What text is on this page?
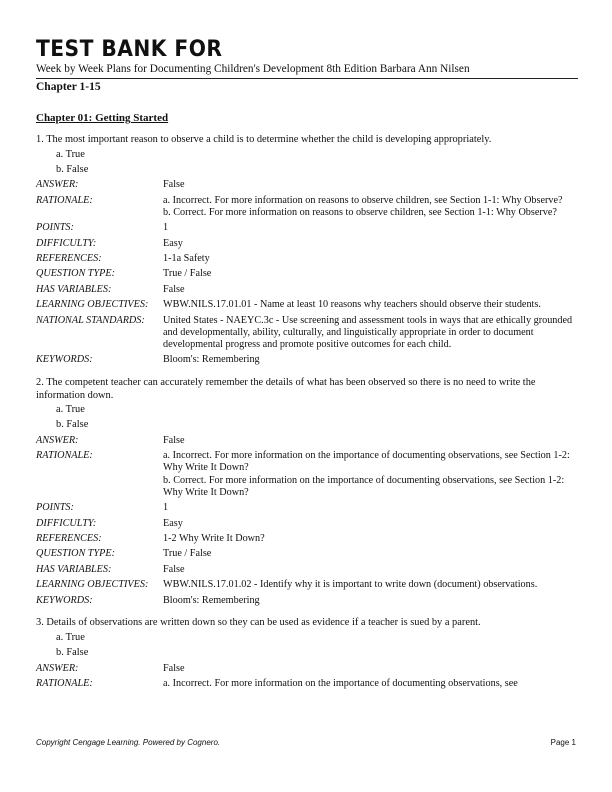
TEST BANK FOR
Week by Week Plans for Documenting Children's Development 8th Edition Barbara Ann Nilsen
Chapter 1-15
Chapter 01: Getting Started
1. The most important reason to observe a child is to determine whether the child is developing appropriately.
a. True
b. False
ANSWER:	False
RATIONALE:	a. Incorrect. For more information on reasons to observe children, see Section 1-1: Why Observe?
b. Correct. For more information on reasons to observe children, see Section 1-1: Why Observe?

POINTS:	1
DIFFICULTY:	Easy
REFERENCES:	1-1a Safety
QUESTION TYPE:	True / False
HAS VARIABLES:	False
LEARNING OBJECTIVES:	WBW.NILS.17.01.01 - Name at least 10 reasons why teachers should observe their students.
NATIONAL STANDARDS:	United States - NAEYC.3c - Use screening and assessment tools in ways that are ethically grounded and developmentally, ability, culturally, and linguistically appropriate in order to document developmental progress and promote positive outcomes for each child.
KEYWORDS:	Bloom's: Remembering
2. The competent teacher can accurately remember the details of what has been observed so there is no need to write the information down.
a. True
b. False
ANSWER:	False
RATIONALE:	a. Incorrect. For more information on the importance of documenting observations, see Section 1-2: Why Write It Down?
b. Correct. For more information on the importance of documenting observations, see Section 1-2: Why Write It Down?

POINTS:	1
DIFFICULTY:	Easy
REFERENCES:	1-2 Why Write It Down?
QUESTION TYPE:	True / False
HAS VARIABLES:	False
LEARNING OBJECTIVES:	WBW.NILS.17.01.02 - Identify why it is important to write down (document) observations.
KEYWORDS:	Bloom's: Remembering
3. Details of observations are written down so they can be used as evidence if a teacher is sued by a parent.
a. True
b. False
ANSWER:	False
RATIONALE:	a. Incorrect. For more information on the importance of documenting observations, see
Copyright Cengage Learning. Powered by Cognero.	Page 1
